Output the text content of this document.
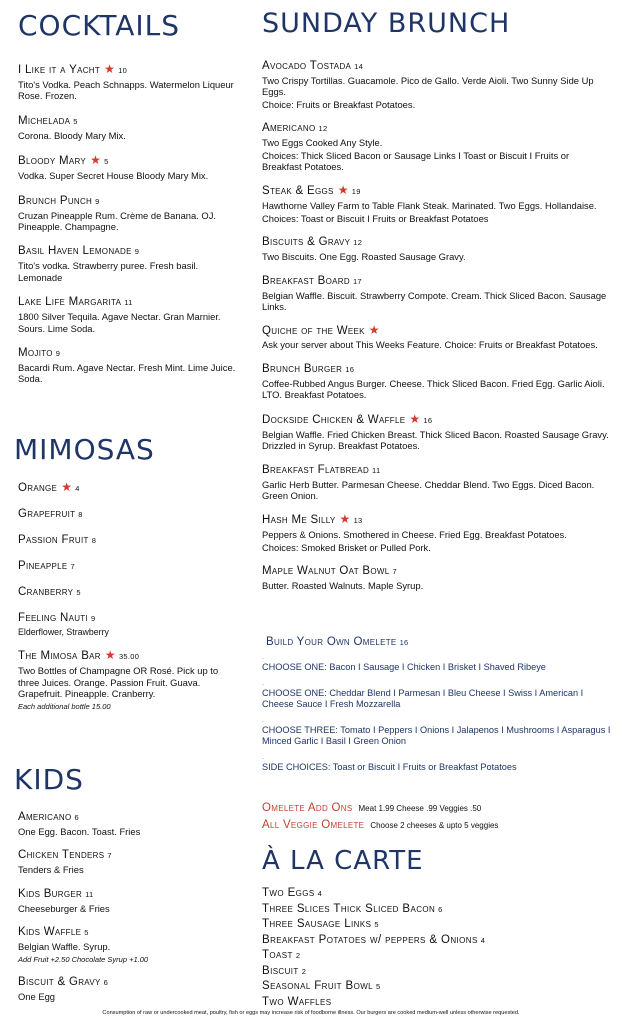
COCKTAILS
I Like it a Yacht ★ 10
Tito's Vodka. Peach Schnapps. Watermelon Liqueur Rose. Frozen.
Michelada 5
Corona. Bloody Mary Mix.
Bloody Mary ★ 5
Vodka. Super Secret House Bloody Mary Mix.
Brunch Punch 9
Cruzan Pineapple Rum. Crème de Banana. OJ. Pineapple. Champagne.
Basil Haven Lemonade 9
Tito's vodka. Strawberry puree. Fresh basil. Lemonade
Lake Life Margarita 11
1800 Silver Tequila. Agave Nectar. Gran Marnier. Sours. Lime Soda.
Mojito 9
Bacardi Rum. Agave Nectar. Fresh Mint. Lime Juice. Soda.
MIMOSAS
Orange ★ 4
Grapefruit 8
Passion Fruit 8
Pineapple 7
Cranberry 5
Feeling Nauti 9
Elderflower, Strawberry
The Mimosa Bar ★ 35.00
Two Bottles of Champagne OR Rosé. Pick up to three Juices. Orange. Passion Fruit. Guava. Grapefruit. Pineapple. Cranberry.
Each additional bottle 15.00
KIDS
Americano 6
One Egg. Bacon. Toast. Fries
Chicken Tenders 7
Tenders & Fries
Kids Burger 11
Cheeseburger & Fries
Kids Waffle 5
Belgian Waffle. Syrup.
Add Fruit +2.50 Chocolate Syrup +1.00
Biscuit & Gravy 6
One Egg
SUNDAY BRUNCH
Avocado Tostada 14
Two Crispy Tortillas. Guacamole. Pico de Gallo. Verde Aioli. Two Sunny Side Up Eggs.
Choice: Fruits or Breakfast Potatoes.
Americano 12
Two Eggs Cooked Any Style.
Choices: Thick Sliced Bacon or Sausage Links I Toast or Biscuit I Fruits or Breakfast Potatoes.
Steak & Eggs ★ 19
Hawthorne Valley Farm to Table Flank Steak. Marinated. Two Eggs. Hollandaise.
Choices: Toast or Biscuit I Fruits or Breakfast Potatoes
Biscuits & Gravy 12
Two Biscuits. One Egg. Roasted Sausage Gravy.
Breakfast Board 17
Belgian Waffle. Biscuit. Strawberry Compote. Cream. Thick Sliced Bacon. Sausage Links.
Quiche of the Week ★
Ask your server about This Weeks Feature. Choice: Fruits or Breakfast Potatoes.
Brunch Burger 16
Coffee-Rubbed Angus Burger. Cheese. Thick Sliced Bacon. Fried Egg. Garlic Aioli. LTO. Breakfast Potatoes.
Dockside Chicken & Waffle ★ 16
Belgian Waffle. Fried Chicken Breast. Thick Sliced Bacon. Roasted Sausage Gravy. Drizzled in Syrup. Breakfast Potatoes.
Breakfast Flatbread 11
Garlic Herb Butter. Parmesan Cheese. Cheddar Blend. Two Eggs. Diced Bacon. Green Onion.
Hash Me Silly ★ 13
Peppers & Onions. Smothered in Cheese. Fried Egg. Breakfast Potatoes.
Choices: Smoked Brisket or Pulled Pork.
Maple Walnut Oat Bowl 7
Butter. Roasted Walnuts. Maple Syrup.
Build Your Own Omelete 16
·
CHOOSE ONE: Bacon I Sausage I Chicken I Brisket I Shaved Ribeye
·
CHOOSE ONE: Cheddar Blend I Parmesan I Bleu Cheese I Swiss I American I Cheese Sauce I Fresh Mozzarella
·
CHOOSE THREE: Tomato I Peppers I Onions I Jalapenos I Mushrooms I Asparagus I Minced Garlic I Basil I Green Onion
·
SIDE CHOICES: Toast or Biscuit I Fruits or Breakfast Potatoes
Omelete Add Ons Meat 1.99 Cheese .99 Veggies .50
All Veggie Omelete Choose 2 cheeses & upto 5 veggies
À LA CARTE
Two Eggs 4
Three Slices Thick Sliced Bacon 6
Three Sausage Links 5
Breakfast Potatoes w/ peppers & Onions 4
Toast 2
Biscuit 2
Seasonal Fruit Bowl 5
Two Waffles
Consumption of raw or undercooked meat, poultry, fish or eggs may increase risk of foodborne illness. Our burgers are cooked medium-well unless otherwise requested.
